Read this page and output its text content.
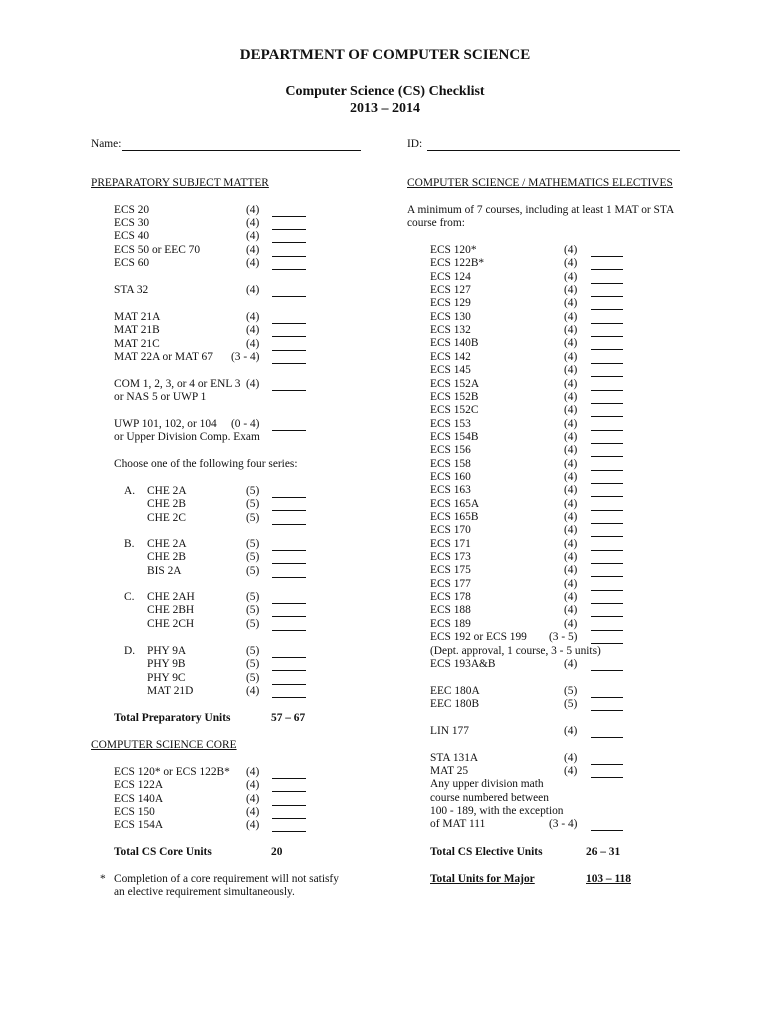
DEPARTMENT OF COMPUTER SCIENCE
Computer Science (CS) Checklist
2013 – 2014
Name:	ID:
PREPARATORY SUBJECT MATTER
Choose one of the following four series:
Total Preparatory Units	57 – 67
COMPUTER SCIENCE CORE
Total CS Core Units	20
* Completion of a core requirement will not satisfy
an elective requirement simultaneously.
COMPUTER SCIENCE / MATHEMATICS ELECTIVES
A minimum of 7 courses, including at least 1 MAT or STA
course from:
(Dept. approval, 1 course, 3 - 5 units)
Any upper division math
course numbered between
100 - 189, with the exception
of MAT 111	(3 - 4)
Total CS Elective Units	26 – 31
Total Units for Major	103 – 118
ECS 20	(4)
ECS 30	(4)
ECS 40	(4)
ECS 50 or EEC 70	(4)
ECS 60	(4)
STA 32	(4)
MAT 21A	(4)
MAT 21B	(4)
MAT 21C	(4)
MAT 22A or MAT 67 (3 - 4)
COM 1, 2, 3, or 4 or ENL 3 (4)
or NAS 5 or UWP 1
UWP 101, 102, or 104 (0 - 4)
or Upper Division Comp. Exam
A. CHE 2A	(5)
CHE 2B	(5)
CHE 2C	(5)
B. CHE 2A	(5)
CHE 2B	(5)
BIS 2A	(5)
C. CHE 2AH	(5)
CHE 2BH	(5)
CHE 2CH	(5)
D. PHY 9A	(5)
PHY 9B	(5)
PHY 9C	(5)
MAT 21D	(4)
ECS 120* or ECS 122B* (4)
ECS 122A	(4)
ECS 140A	(4)
ECS 150	(4)
ECS 154A	(4)
ECS 120*	(4)
ECS 122B*	(4)
ECS 124	(4)
ECS 127	(4)
ECS 129	(4)
ECS 130	(4)
ECS 132	(4)
ECS 140B	(4)
ECS 142	(4)
ECS 145	(4)
ECS 152A	(4)
ECS 152B	(4)
ECS 152C	(4)
ECS 153	(4)
ECS 154B	(4)
ECS 156	(4)
ECS 158	(4)
ECS 160	(4)
ECS 163	(4)
ECS 165A	(4)
ECS 165B	(4)
ECS 170	(4)
ECS 171	(4)
ECS 173	(4)
ECS 175	(4)
ECS 177	(4)
ECS 178	(4)
ECS 188	(4)
ECS 189	(4)
ECS 192 or ECS 199 (3 - 5)
ECS 193A&B	(4)
EEC 180A	(5)
EEC 180B	(5)
LIN 177	(4)
STA 131A	(4)
MAT 25	(4)
